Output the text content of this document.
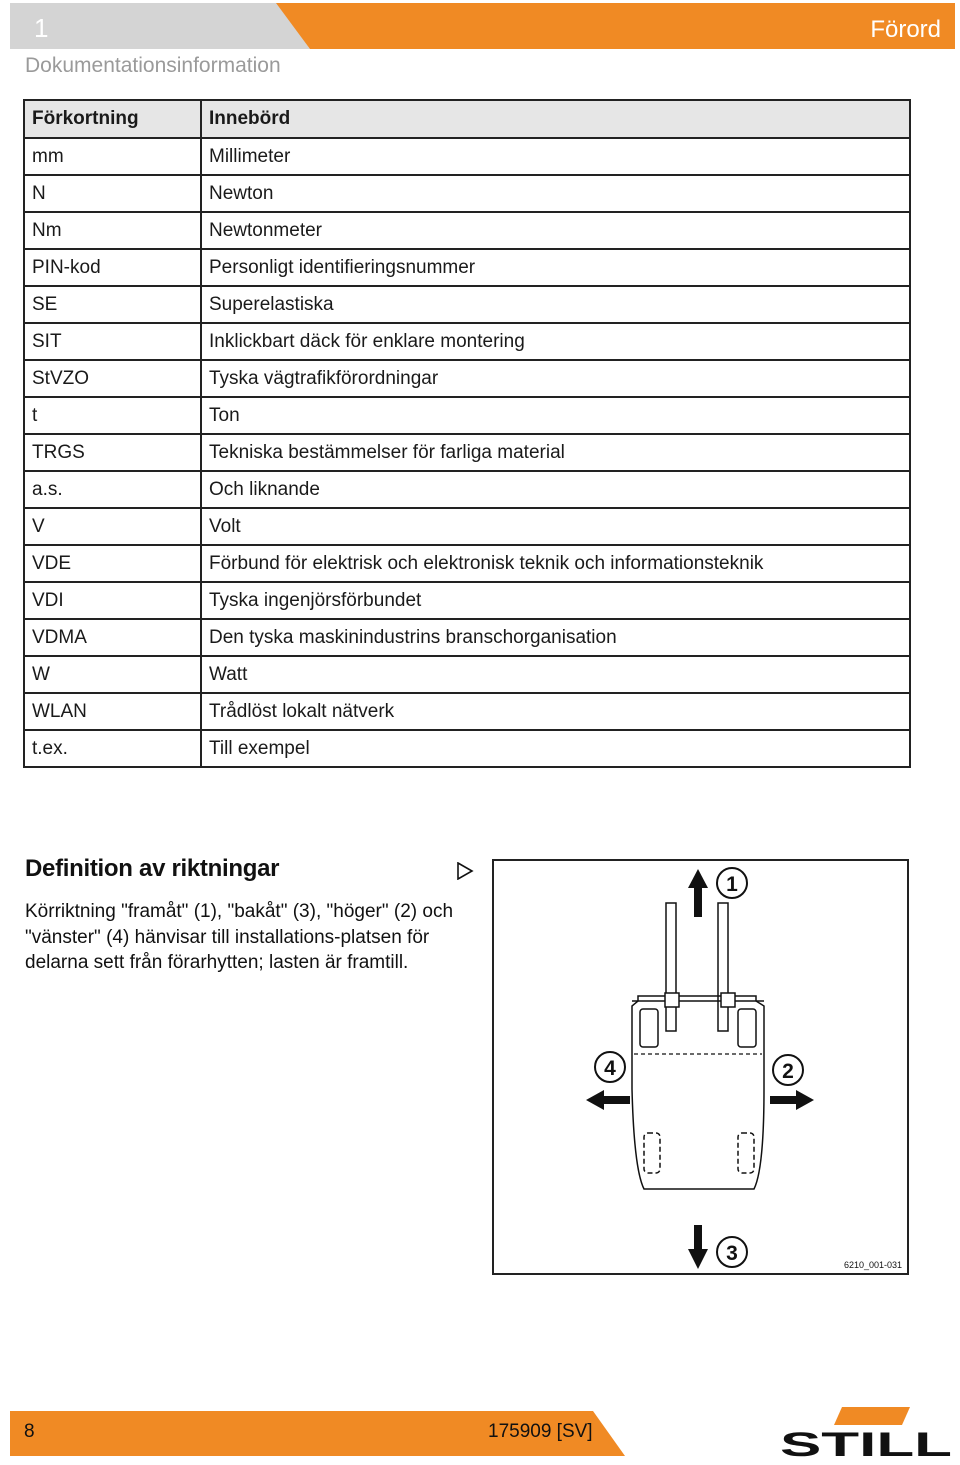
1	Förord
Dokumentationsinformation
Förkortning	Innebörd
mm	Millimeter
N	Newton
Nm	Newtonmeter
PIN-kod	Personligt identifieringsnummer
SE	Superelastiska
SIT	Inklickbart däck för enklare montering
StVZO	Tyska vägtrafikförordningar
t	Ton
TRGS	Tekniska bestämmelser för farliga material
a.s.	Och liknande
V	Volt
VDE	Förbund för elektrisk och elektronisk teknik och informationsteknik
VDI	Tyska ingenjörsförbundet
VDMA	Den tyska maskinindustrins branschorganisation
W	Watt
WLAN	Trådlöst lokalt nätverk
t.ex.	Till exempel
Definition av riktningar
Körriktning "framåt" (1), "bakåt" (3), "höger" (2) och "vänster" (4) hänvisar till installations-platsen för delarna sett från förarhytten; lasten är framtill.
1
2
3
4
6210_001-031
8	175909 [SV]	STILL
